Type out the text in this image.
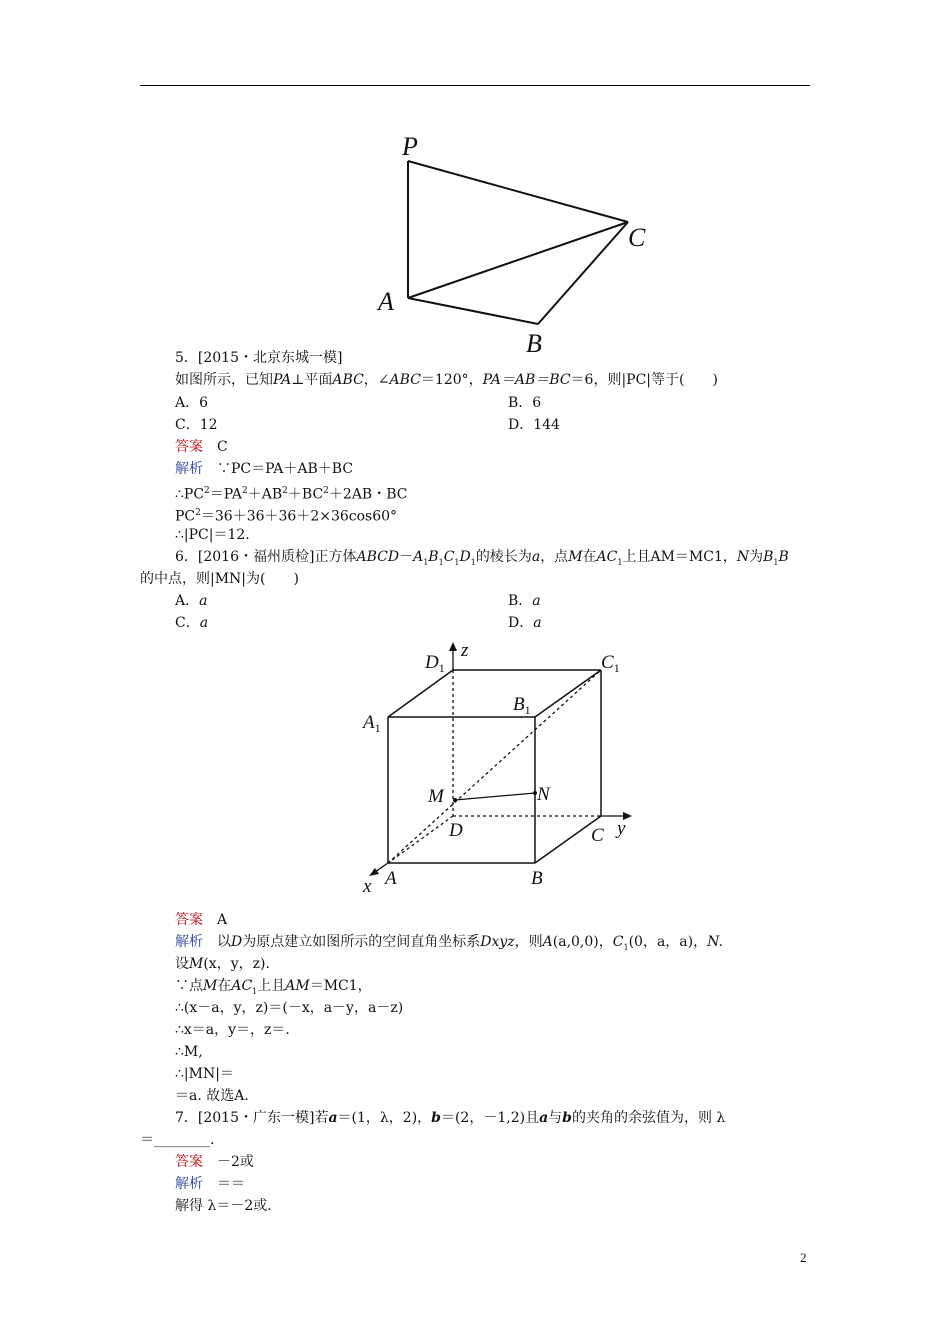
P
C
A
B
5．[2015・北京东城一模]
如图所示，已知PA⊥平面ABC，∠ABC＝120°，PA＝AB＝BC＝6，则|PC|等于(　　)
A．6	B．6
C．12	D．144
答案　 C
解析　 ∵PC＝PA＋AB＋BC
$\therefore PC^2=PA^2+AB^2+BC^2+2AB$・BC
$PC^2=36+36+36+2\times 36\cos 60^\circ$
∴|PC|＝12.
6．[2016・福州质检]正方体$ABCD-A_1B_1C_1D_1$的棱长为a，点M在$AC_1$上且AM＝MC1，N为$B_1B$
的中点，则|MN|为(　　)
A．a	B．a
C．a	D．a
$D_1$
z
$C_1$
$A_1$
$B_1$
M	N
D	C y
x A	B
答案　 A
解析　 以D为原点建立如图所示的空间直角坐标系Dxyz，则A(a,0,0)，$C_1(0$，a，a)，N.
设M(x，y，z)．
∵点M在$AC_1$上且AM＝MC1，
∴(x－a，y，z)＝(－x，a－y，a－z)
∴x＝a，y＝，z＝.
∴M,
∴|MN|＝
＝a. 故选A.
7．[2015・广东一模]若a＝(1，λ，2)，b＝(2，－1,2)且a与b的夹角的余弦值为，则 λ
＝________.
答案　 －2或
解析　 ＝＝
解得 λ＝－2或.
2
